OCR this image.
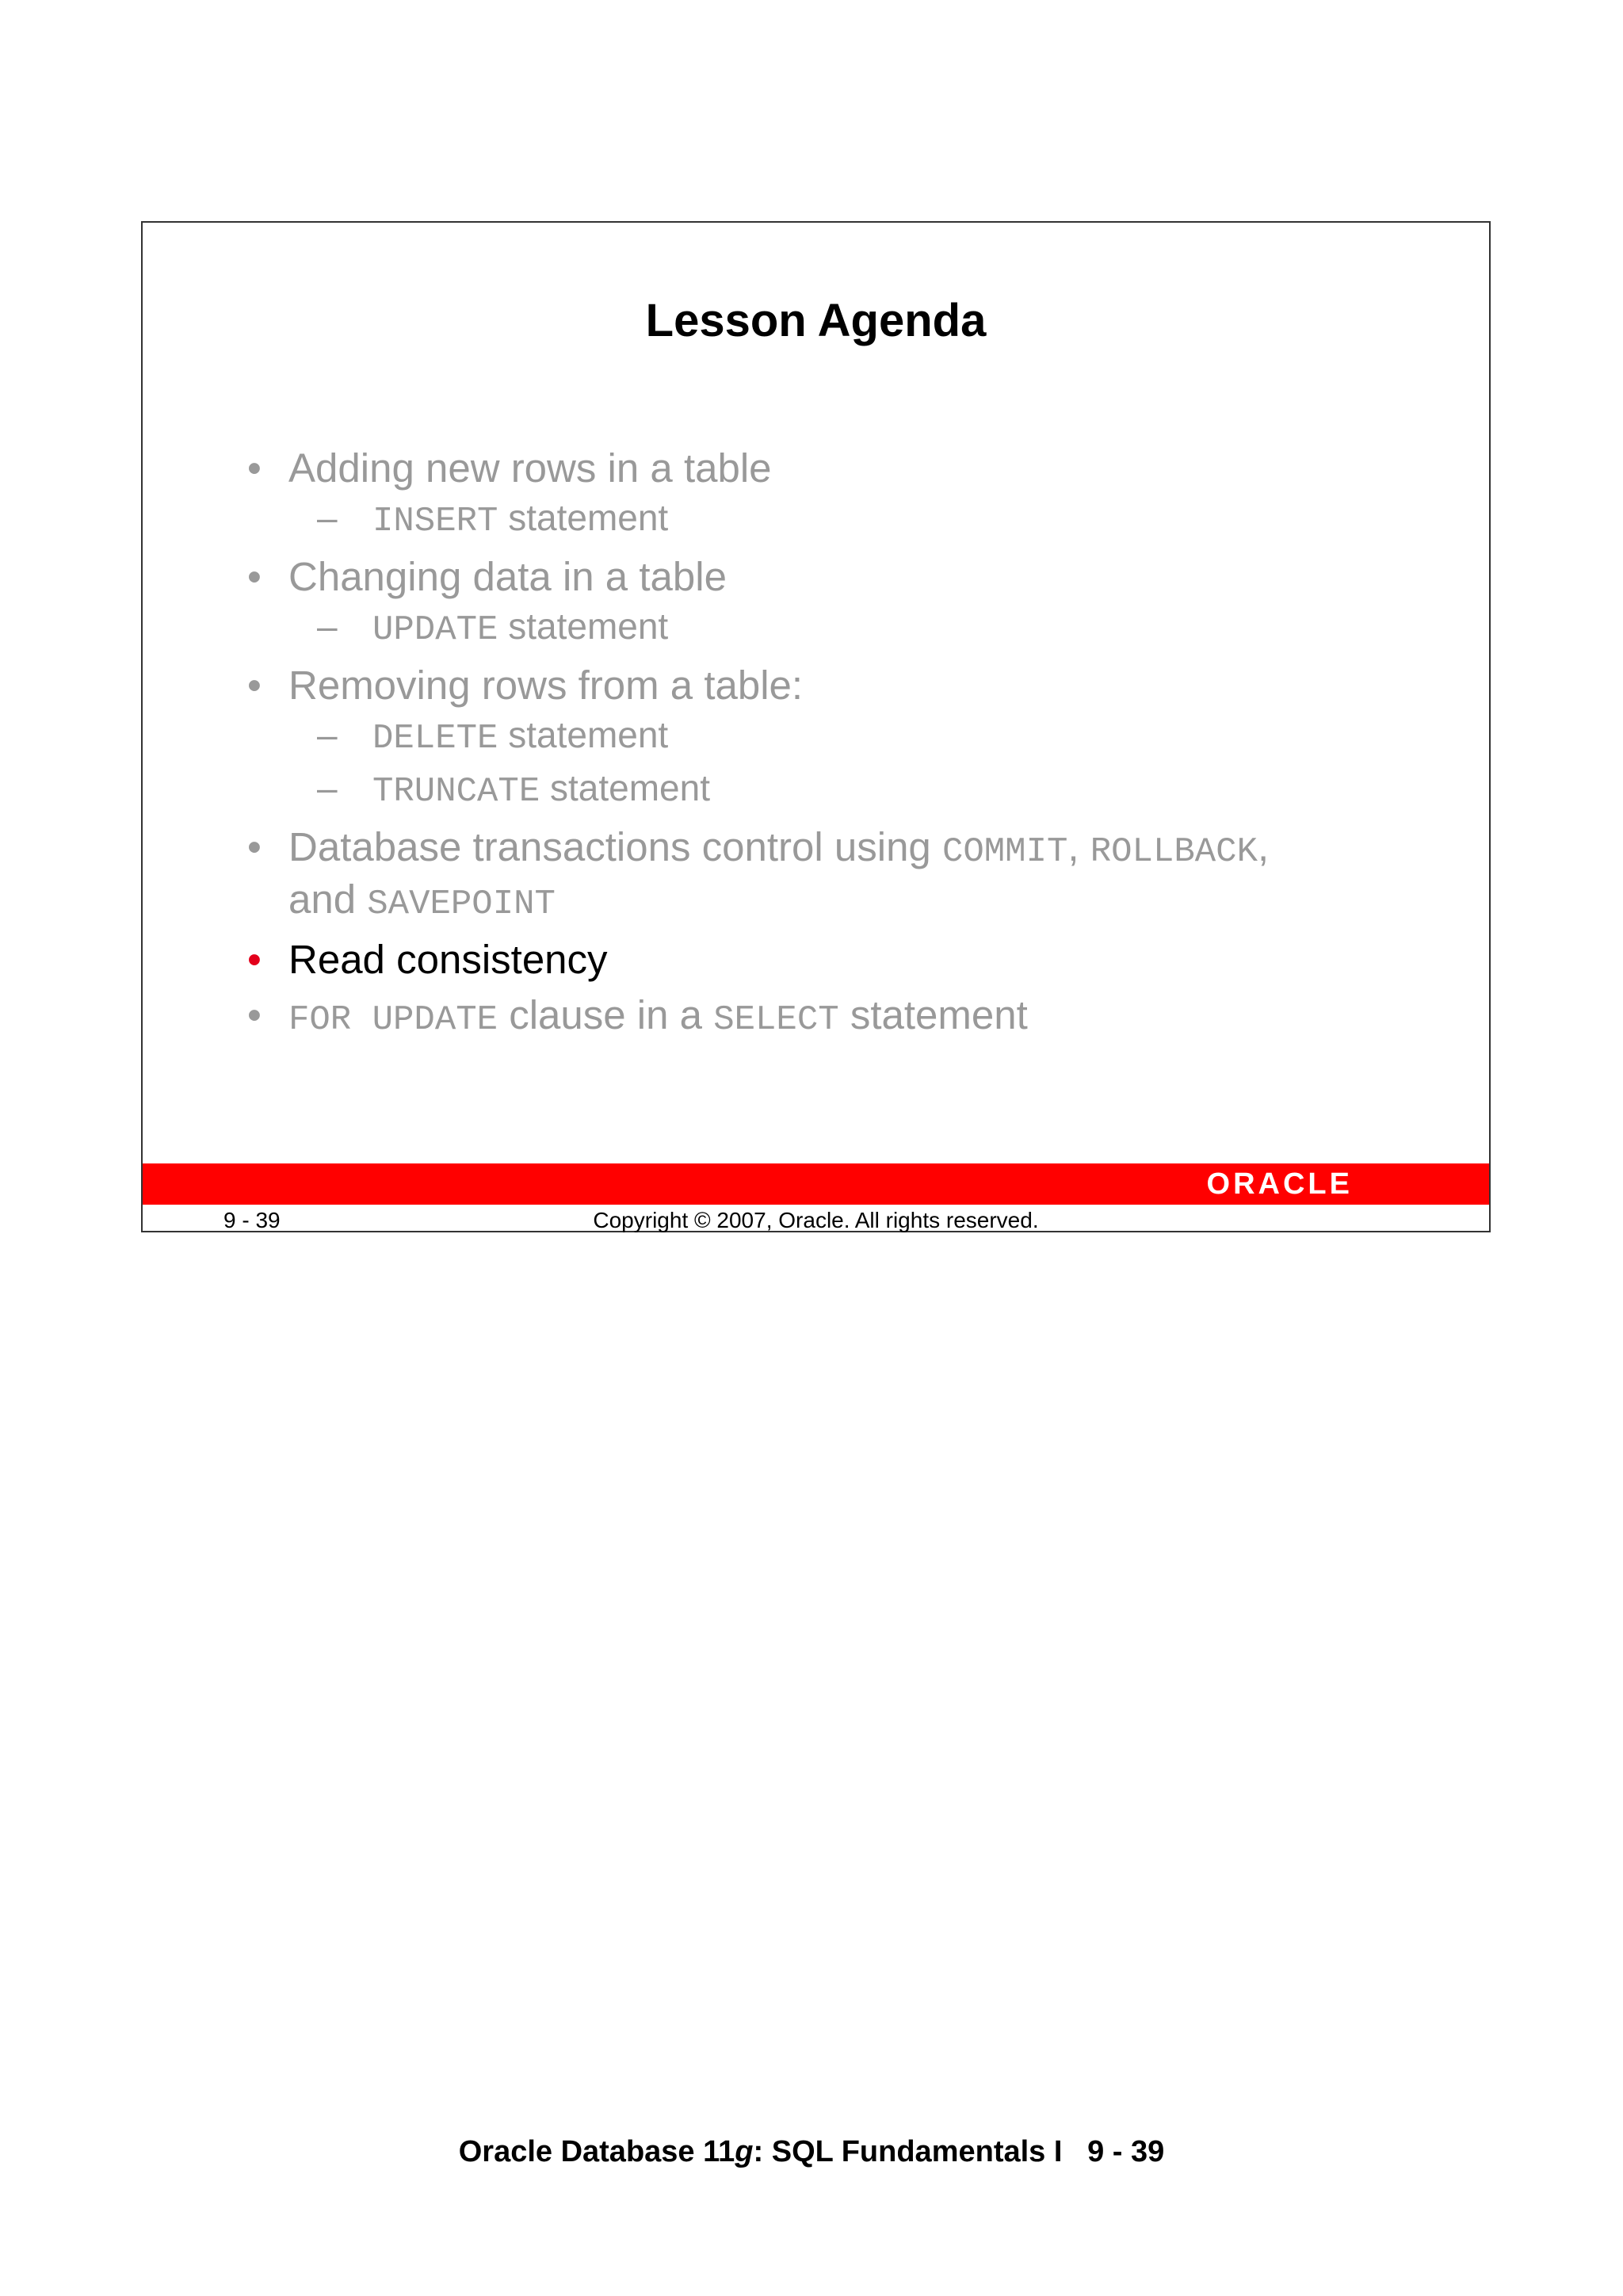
Lesson Agenda
• Adding new rows in a table
– INSERT statement
• Changing data in a table
– UPDATE statement
• Removing rows from a table:
– DELETE statement
– TRUNCATE statement
• Database transactions control using COMMIT, ROLLBACK,
and SAVEPOINT
• Read consistency
• FOR UPDATE clause in a SELECT statement
ORACLE
9 - 39	Copyright © 2007, Oracle. All rights reserved.
Oracle Database 11g: SQL Fundamentals I   9 - 39
